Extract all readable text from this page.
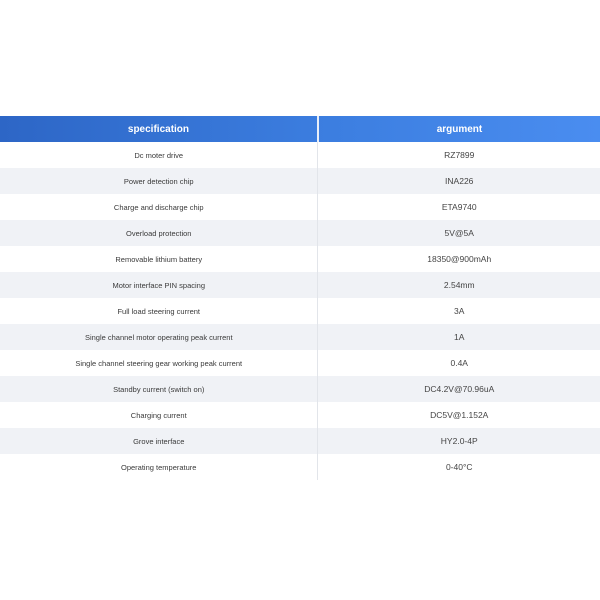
specification	argument
Dc moter drive	RZ7899
Power detection chip	INA226
Charge and discharge chip	ETA9740
Overload protection	5V@5A
Removable lithium battery	18350@900mAh
Motor interface PIN spacing	2.54mm
Full load steering current	3A
Single channel motor operating peak current	1A
Single channel steering gear working peak current	0.4A
Standby current (switch on)	DC4.2V@70.96uA
Charging current	DC5V@1.152A
Grove interface	HY2.0-4P
Operating temperature	0-40°C
